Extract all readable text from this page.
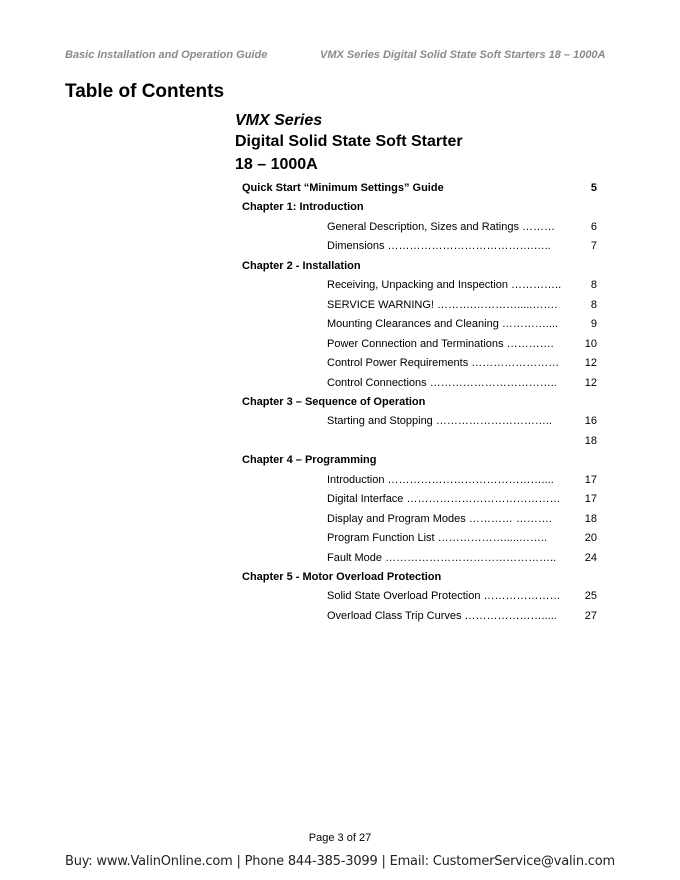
Basic Installation and Operation Guide	VMX Series Digital Solid State Soft Starters 18 – 1000A
Table of Contents
VMX Series
Digital Solid State Soft Starter
18 – 1000A
Quick Start “Minimum Settings” Guide	5
Chapter 1: Introduction
General Description, Sizes and Ratings ………	6
Dimensions ………………………………….…..	7
Chapter 2 - Installation
Receiving, Unpacking and Inspection …………..	8
SERVICE WARNING! ……….………….....…….	8
Mounting Clearances and Cleaning …………....	9
Power Connection and Terminations ………….	10
Control Power Requirements ……………………	12
Control Connections ……………………………..	12
Chapter 3 – Sequence of Operation
Starting and Stopping …………………………..	16
18
Chapter 4 – Programming
Introduction ……………………………………....	17
Digital Interface ……………………………………	17
Display and Program Modes ………… ……….	18
Program Function List ……………….....……..	20
Fault Mode ………………………………………..	24
Chapter 5 - Motor Overload Protection
Solid State Overload Protection …………………	25
Overload Class Trip Curves ………………….....	27
Page 3 of 27
Buy: www.ValinOnline.com | Phone 844-385-3099 | Email: CustomerService@valin.com
